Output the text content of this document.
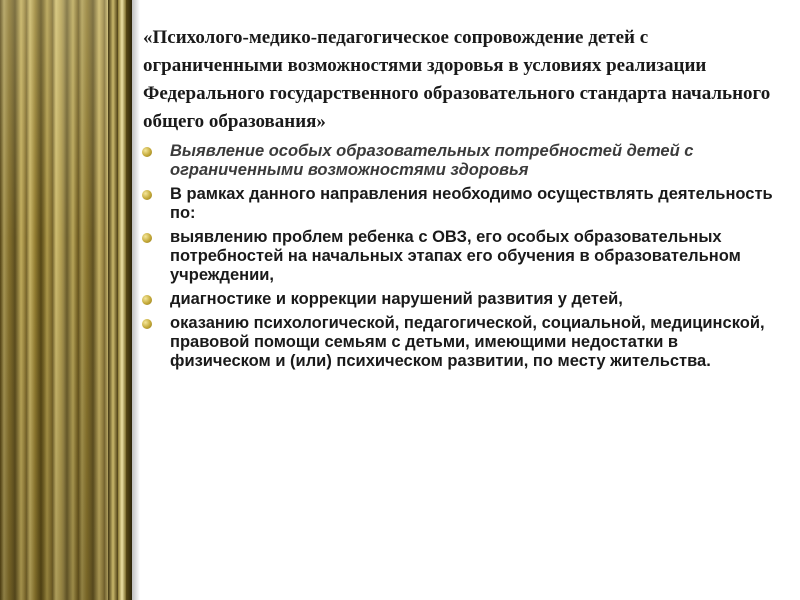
«Психолого-медико-педагогическое сопровождение детей с ограниченными возможностями здоровья в условиях реализации Федерального государственного образовательного стандарта начального общего образования»
Выявление особых образовательных потребностей детей с ограниченными возможностями здоровья
В рамках данного направления необходимо осуществлять деятельность по:
выявлению проблем ребенка с ОВЗ, его особых образовательных потребностей на начальных этапах его обучения в образовательном учреждении,
диагностике и коррекции нарушений развития у детей,
оказанию психологической, педагогической, социальной, медицинской, правовой помощи семьям с детьми, имеющими недостатки в физическом и (или) психическом развитии, по месту жительства.
